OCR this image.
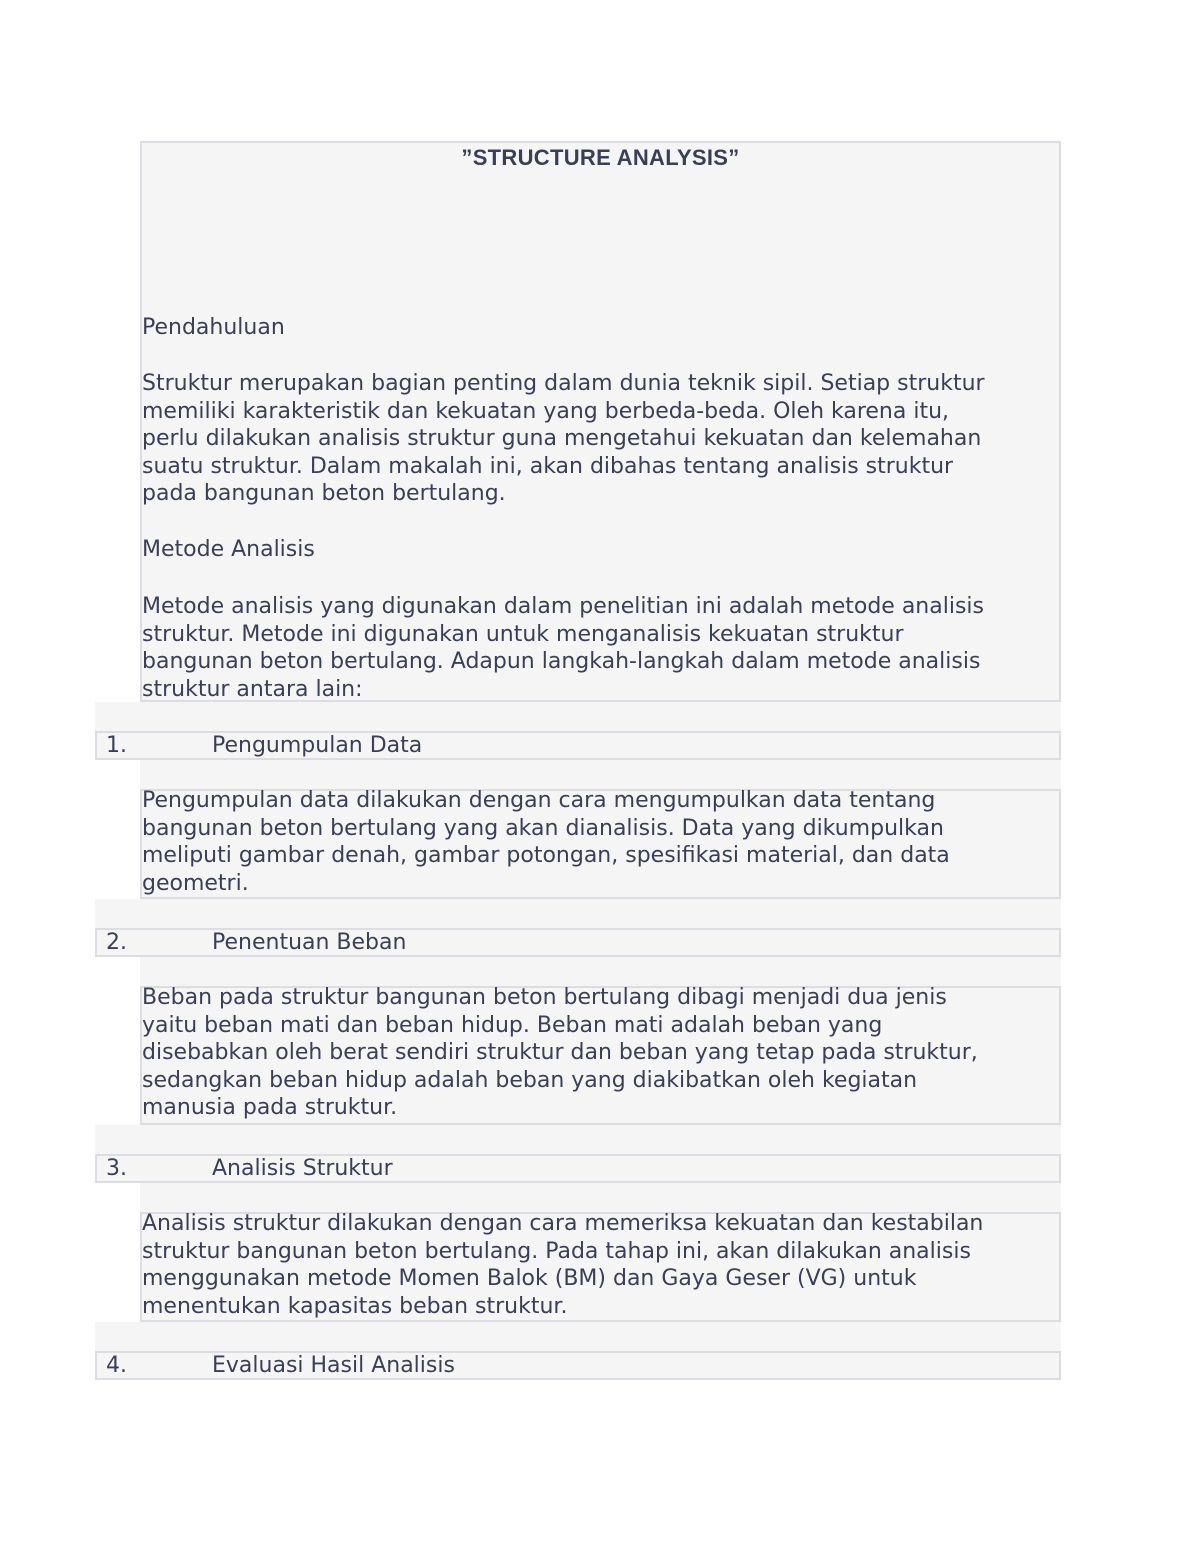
”STRUCTURE ANALYSIS”
Pendahuluan
Struktur merupakan bagian penting dalam dunia teknik sipil. Setiap struktur
memiliki karakteristik dan kekuatan yang berbeda-beda. Oleh karena itu,
perlu dilakukan analisis struktur guna mengetahui kekuatan dan kelemahan
suatu struktur. Dalam makalah ini, akan dibahas tentang analisis struktur
pada bangunan beton bertulang.
Metode Analisis
Metode analisis yang digunakan dalam penelitian ini adalah metode analisis
struktur. Metode ini digunakan untuk menganalisis kekuatan struktur
bangunan beton bertulang. Adapun langkah-langkah dalam metode analisis
struktur antara lain:
1.	Pengumpulan Data
Pengumpulan data dilakukan dengan cara mengumpulkan data tentang
bangunan beton bertulang yang akan dianalisis. Data yang dikumpulkan
meliputi gambar denah, gambar potongan, spesifikasi material, dan data
geometri.
2.	Penentuan Beban
Beban pada struktur bangunan beton bertulang dibagi menjadi dua jenis
yaitu beban mati dan beban hidup. Beban mati adalah beban yang
disebabkan oleh berat sendiri struktur dan beban yang tetap pada struktur,
sedangkan beban hidup adalah beban yang diakibatkan oleh kegiatan
manusia pada struktur.
3.	Analisis Struktur
Analisis struktur dilakukan dengan cara memeriksa kekuatan dan kestabilan
struktur bangunan beton bertulang. Pada tahap ini, akan dilakukan analisis
menggunakan metode Momen Balok (BM) dan Gaya Geser (VG) untuk
menentukan kapasitas beban struktur.
4.	Evaluasi Hasil Analisis
